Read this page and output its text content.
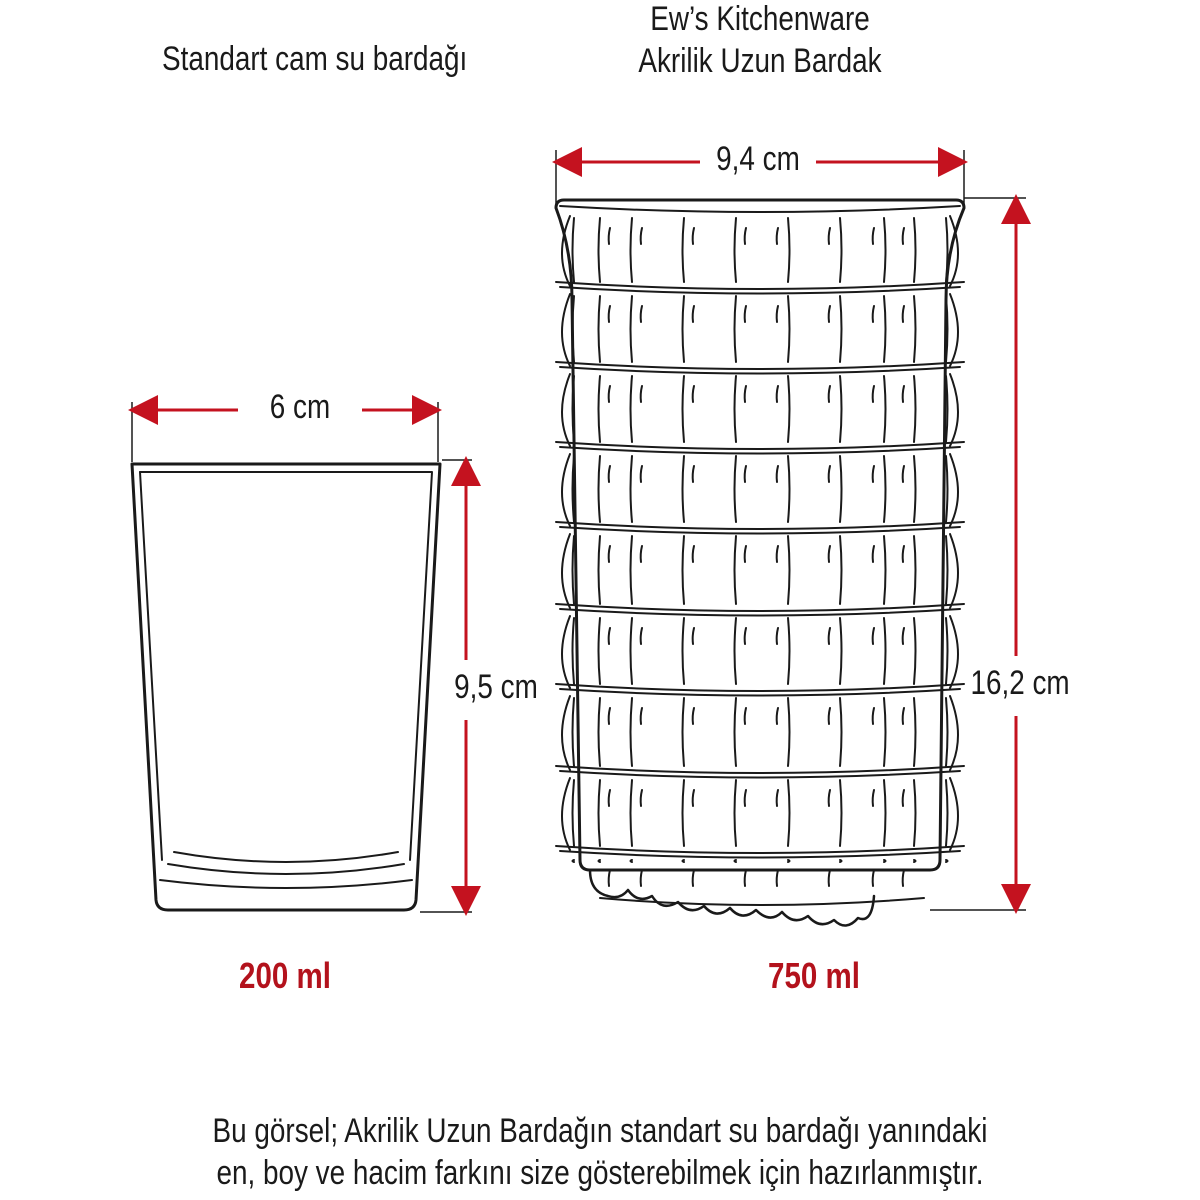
Standart cam su bardağı
Ew’s Kitchenware
Akrilik Uzun Bardak
6 cm
9,5 cm
9,4 cm
16,2 cm
200 ml	750 ml
Bu görsel; Akrilik Uzun Bardağın standart su bardağı yanındaki
en, boy ve hacim farkını size gösterebilmek için hazırlanmıştır.
